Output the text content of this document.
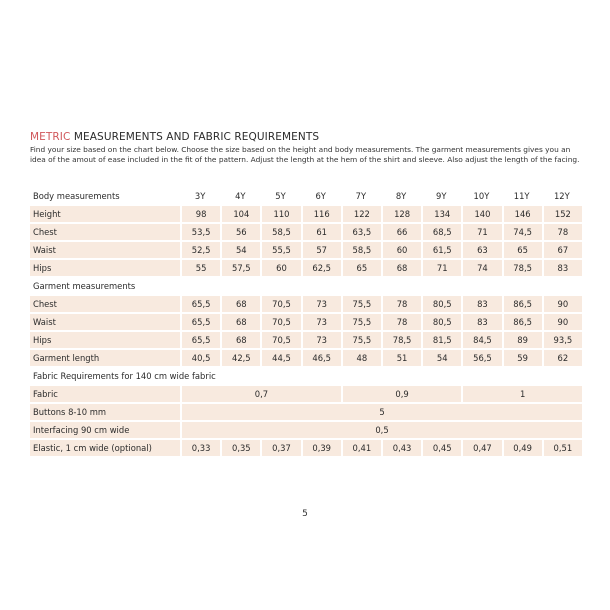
METRIC MEASUREMENTS AND FABRIC REQUIREMENTS
Find your size based on the chart below. Choose the size based on the height and body measurements. The garment measurements gives you an idea of the amout of ease included in the fit of the pattern. Adjust the length at the hem of the shirt and sleeve. Also adjust the length of the facing.
Body measurements	3Y	4Y	5Y	6Y	7Y	8Y	9Y	10Y	11Y	12Y
Height	98	104	110	116	122	128	134	140	146	152
Chest	53,5	56	58,5	61	63,5	66	68,5	71	74,5	78
Waist	52,5	54	55,5	57	58,5	60	61,5	63	65	67
Hips	55	57,5	60	62,5	65	68	71	74	78,5	83
Garment measurements										
Chest	65,5	68	70,5	73	75,5	78	80,5	83	86,5	90
Waist	65,5	68	70,5	73	75,5	78	80,5	83	86,5	90
Hips	65,5	68	70,5	73	75,5	78,5	81,5	84,5	89	93,5
Garment length	40,5	42,5	44,5	46,5	48	51	54	56,5	59	62
Fabric Requirements for 140 cm wide fabric										
Fabric	0,7				0,9			1		
Buttons 8-10 mm	5									
Interfacing 90 cm wide	0,5									
Elastic, 1 cm wide (optional)	0,33	0,35	0,37	0,39	0,41	0,43	0,45	0,47	0,49	0,51
5
